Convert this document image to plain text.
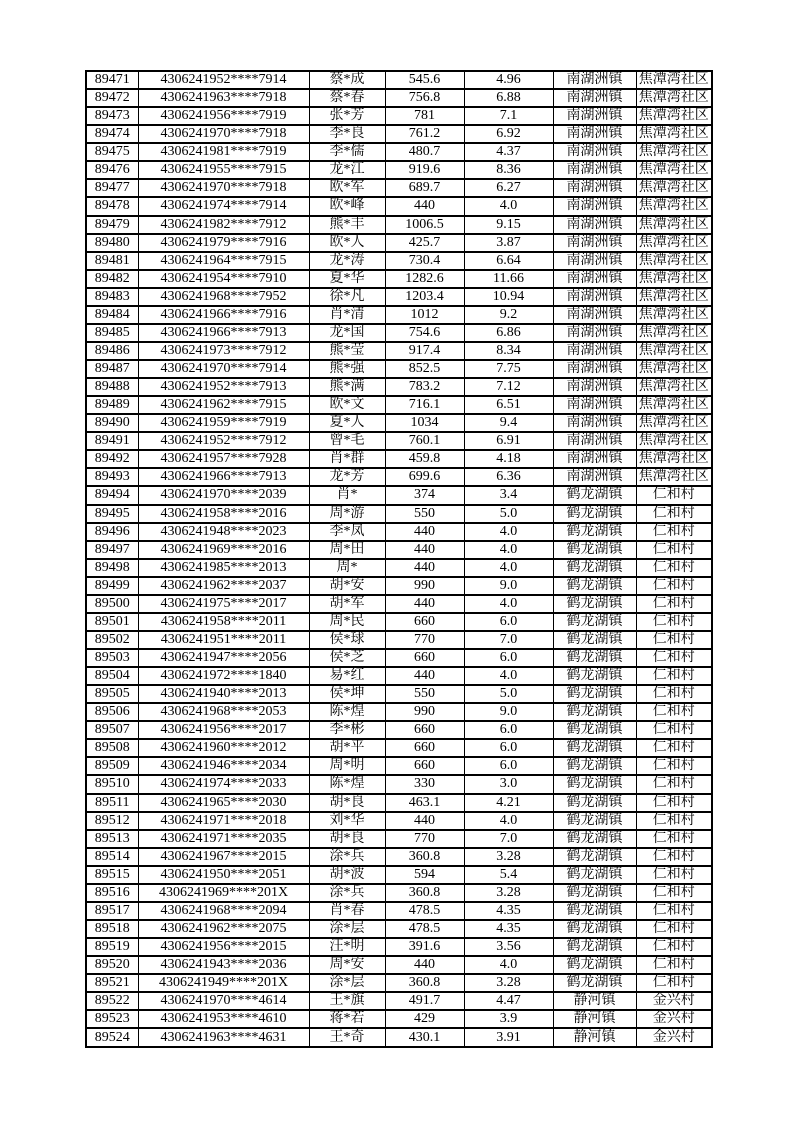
89471	4306241952****7914	蔡*成	545.6	4.96	南湖洲镇	焦潭湾社区
89472	4306241963****7918	蔡*春	756.8	6.88	南湖洲镇	焦潭湾社区
89473	4306241956****7919	张*芳	781	7.1	南湖洲镇	焦潭湾社区
89474	4306241970****7918	李*良	761.2	6.92	南湖洲镇	焦潭湾社区
89475	4306241981****7919	李*儒	480.7	4.37	南湖洲镇	焦潭湾社区
89476	4306241955****7915	龙*江	919.6	8.36	南湖洲镇	焦潭湾社区
89477	4306241970****7918	欧*军	689.7	6.27	南湖洲镇	焦潭湾社区
89478	4306241974****7914	欧*峰	440	4.0	南湖洲镇	焦潭湾社区
89479	4306241982****7912	熊*丰	1006.5	9.15	南湖洲镇	焦潭湾社区
89480	4306241979****7916	欧*人	425.7	3.87	南湖洲镇	焦潭湾社区
89481	4306241964****7915	龙*涛	730.4	6.64	南湖洲镇	焦潭湾社区
89482	4306241954****7910	夏*华	1282.6	11.66	南湖洲镇	焦潭湾社区
89483	4306241968****7952	徐*凡	1203.4	10.94	南湖洲镇	焦潭湾社区
89484	4306241966****7916	肖*清	1012	9.2	南湖洲镇	焦潭湾社区
89485	4306241966****7913	龙*国	754.6	6.86	南湖洲镇	焦潭湾社区
89486	4306241973****7912	熊*莹	917.4	8.34	南湖洲镇	焦潭湾社区
89487	4306241970****7914	熊*强	852.5	7.75	南湖洲镇	焦潭湾社区
89488	4306241952****7913	熊*满	783.2	7.12	南湖洲镇	焦潭湾社区
89489	4306241962****7915	欧*文	716.1	6.51	南湖洲镇	焦潭湾社区
89490	4306241959****7919	夏*人	1034	9.4	南湖洲镇	焦潭湾社区
89491	4306241952****7912	曾*毛	760.1	6.91	南湖洲镇	焦潭湾社区
89492	4306241957****7928	肖*群	459.8	4.18	南湖洲镇	焦潭湾社区
89493	4306241966****7913	龙*芳	699.6	6.36	南湖洲镇	焦潭湾社区
89494	4306241970****2039	肖*	374	3.4	鹤龙湖镇	仁和村
89495	4306241958****2016	周*游	550	5.0	鹤龙湖镇	仁和村
89496	4306241948****2023	李*凤	440	4.0	鹤龙湖镇	仁和村
89497	4306241969****2016	周*田	440	4.0	鹤龙湖镇	仁和村
89498	4306241985****2013	周*	440	4.0	鹤龙湖镇	仁和村
89499	4306241962****2037	胡*安	990	9.0	鹤龙湖镇	仁和村
89500	4306241975****2017	胡*军	440	4.0	鹤龙湖镇	仁和村
89501	4306241958****2011	周*民	660	6.0	鹤龙湖镇	仁和村
89502	4306241951****2011	侯*球	770	7.0	鹤龙湖镇	仁和村
89503	4306241947****2056	侯*芝	660	6.0	鹤龙湖镇	仁和村
89504	4306241972****1840	易*红	440	4.0	鹤龙湖镇	仁和村
89505	4306241940****2013	侯*坤	550	5.0	鹤龙湖镇	仁和村
89506	4306241968****2053	陈*煌	990	9.0	鹤龙湖镇	仁和村
89507	4306241956****2017	李*彬	660	6.0	鹤龙湖镇	仁和村
89508	4306241960****2012	胡*平	660	6.0	鹤龙湖镇	仁和村
89509	4306241946****2034	周*明	660	6.0	鹤龙湖镇	仁和村
89510	4306241974****2033	陈*煌	330	3.0	鹤龙湖镇	仁和村
89511	4306241965****2030	胡*良	463.1	4.21	鹤龙湖镇	仁和村
89512	4306241971****2018	刘*华	440	4.0	鹤龙湖镇	仁和村
89513	4306241971****2035	胡*良	770	7.0	鹤龙湖镇	仁和村
89514	4306241967****2015	涂*兵	360.8	3.28	鹤龙湖镇	仁和村
89515	4306241950****2051	胡*波	594	5.4	鹤龙湖镇	仁和村
89516	4306241969****201X	涂*兵	360.8	3.28	鹤龙湖镇	仁和村
89517	4306241968****2094	肖*春	478.5	4.35	鹤龙湖镇	仁和村
89518	4306241962****2075	涂*层	478.5	4.35	鹤龙湖镇	仁和村
89519	4306241956****2015	汪*明	391.6	3.56	鹤龙湖镇	仁和村
89520	4306241943****2036	周*安	440	4.0	鹤龙湖镇	仁和村
89521	4306241949****201X	涂*层	360.8	3.28	鹤龙湖镇	仁和村
89522	4306241970****4614	王*旗	491.7	4.47	静河镇	金兴村
89523	4306241953****4610	蒋*若	429	3.9	静河镇	金兴村
89524	4306241963****4631	王*奇	430.1	3.91	静河镇	金兴村
